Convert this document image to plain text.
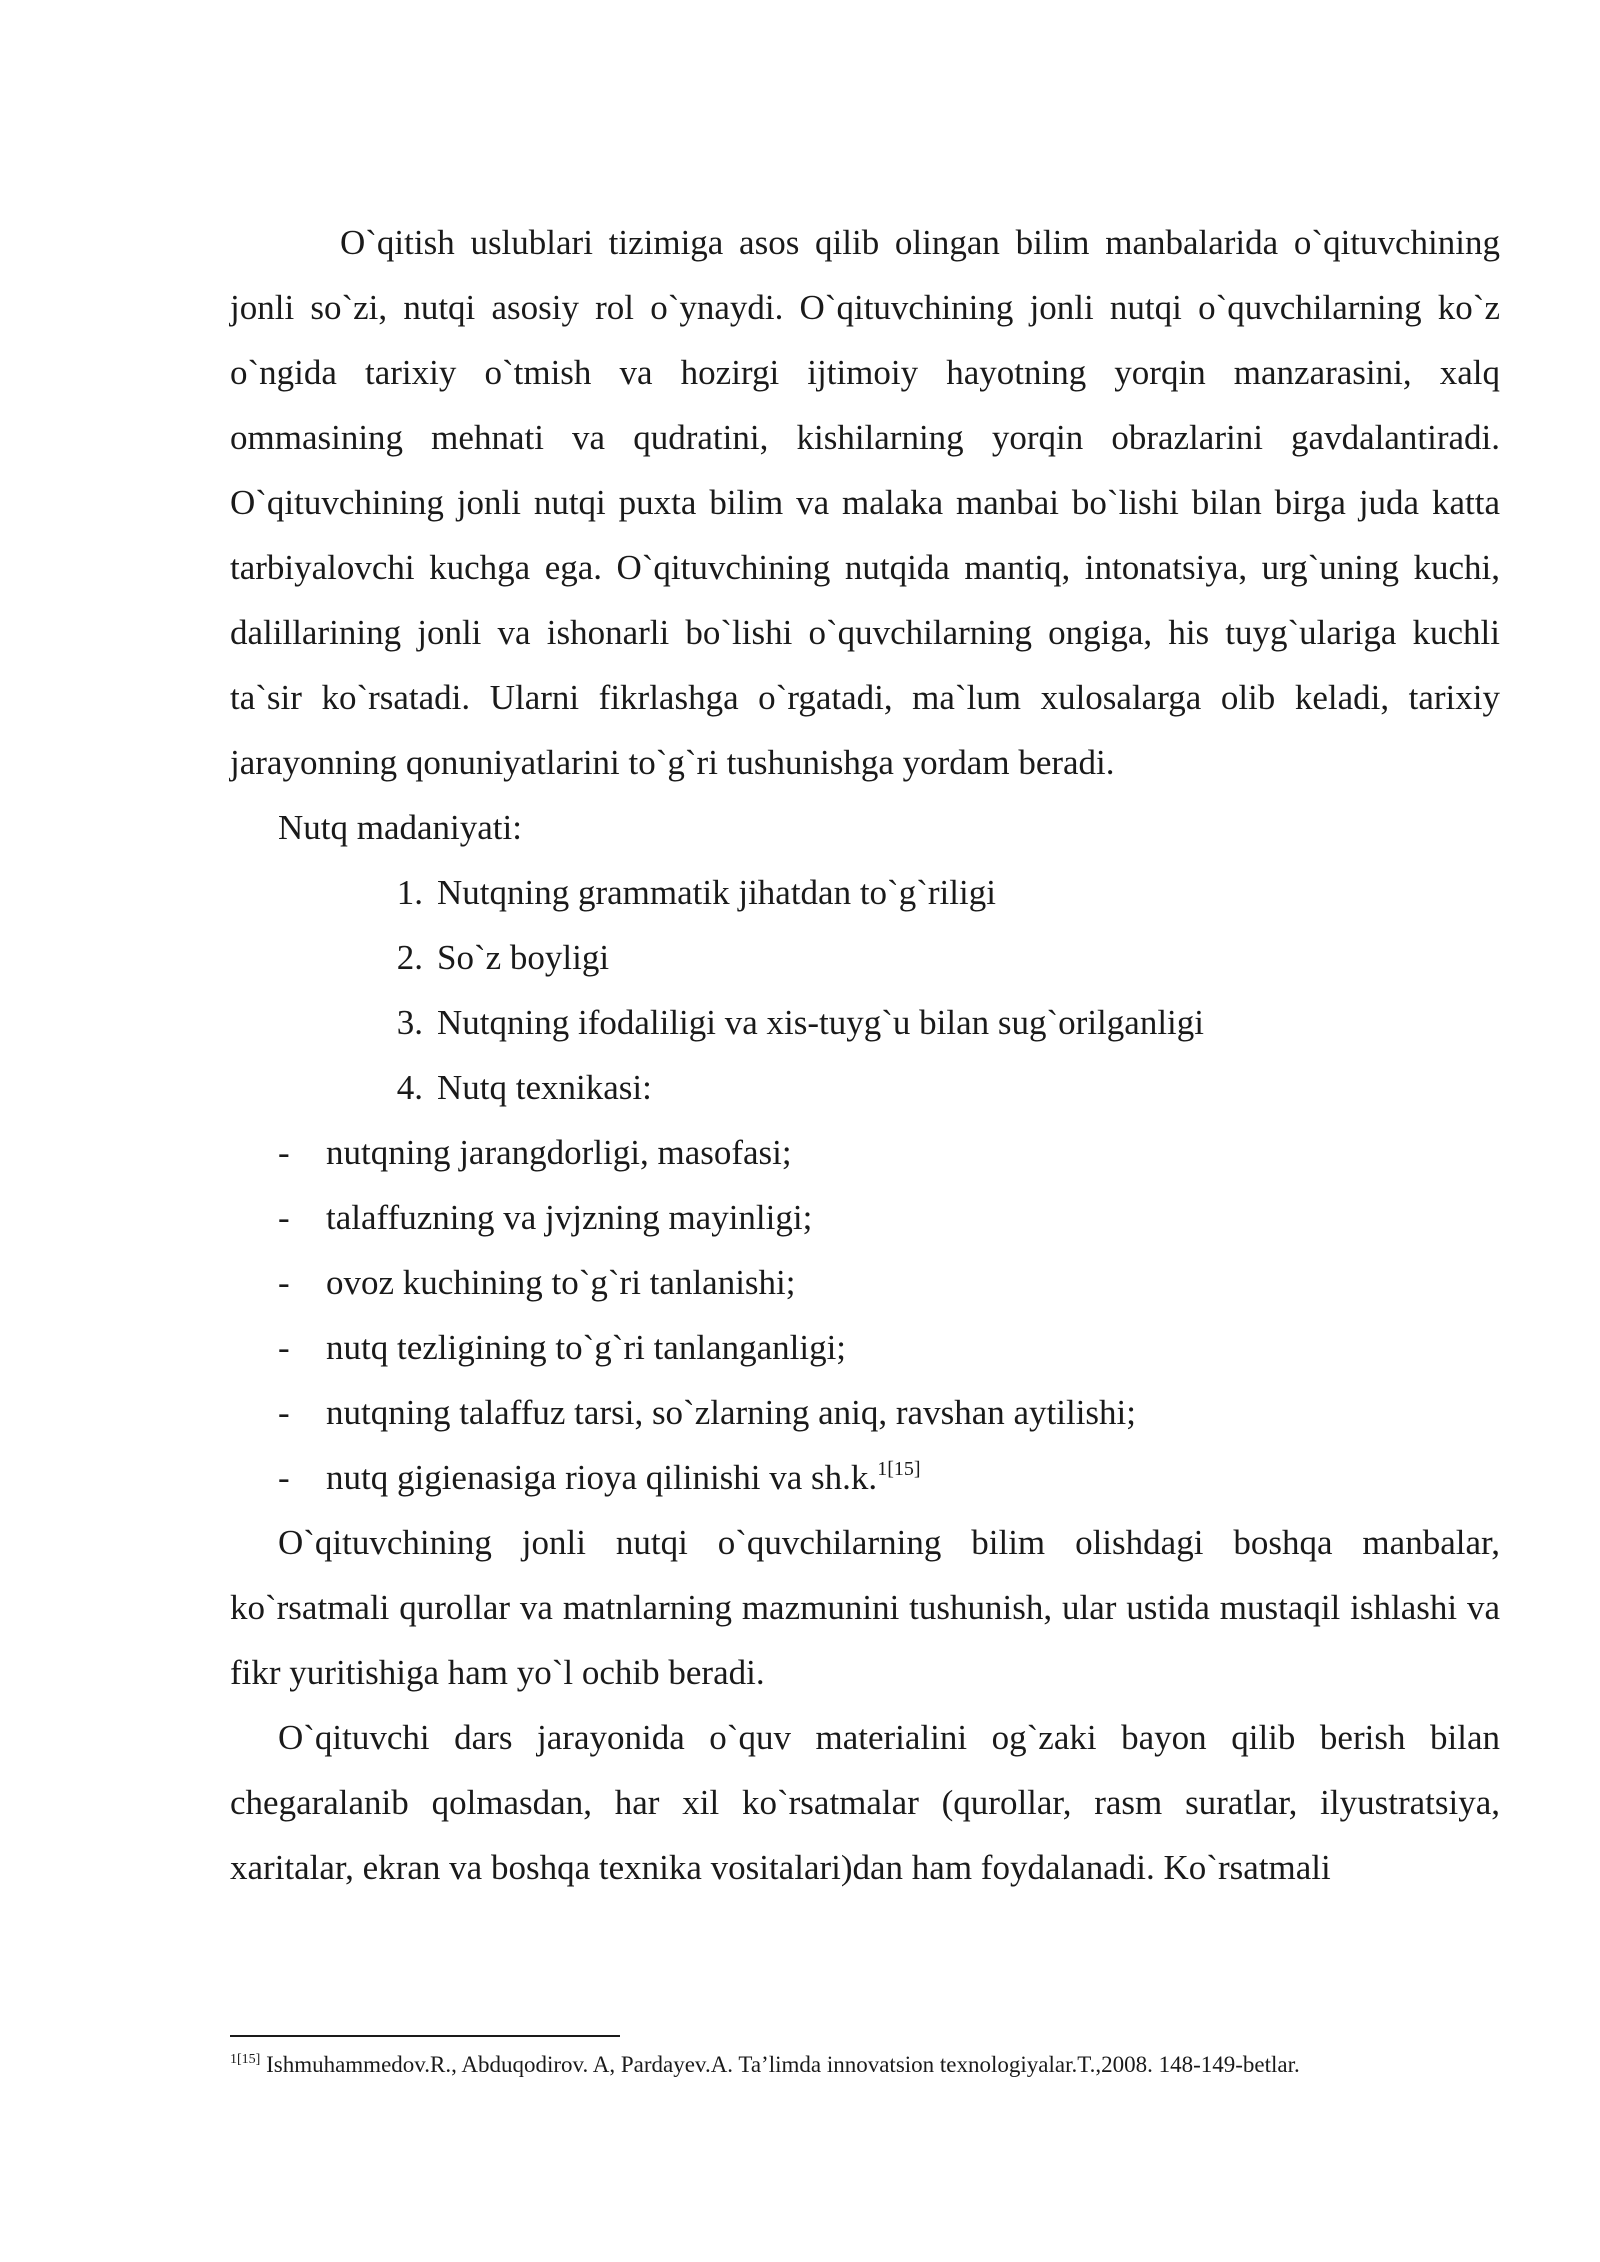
O`qitish uslublari tizimiga asos qilib olingan bilim manbalarida o`qituvchining jonli so`zi, nutqi asosiy rol o`ynaydi. O`qituvchining jonli nutqi o`quvchilarning ko`z o`ngida tarixiy o`tmish va hozirgi ijtimoiy hayotning yorqin manzarasini, xalq ommasining mehnati va qudratini, kishilarning yorqin obrazlarini gavdalantiradi. O`qituvchining jonli nutqi puxta bilim va malaka manbai bo`lishi bilan birga juda katta tarbiyalovchi kuchga ega. O`qituvchining nutqida mantiq, intonatsiya, urg`uning kuchi, dalillarining jonli va ishonarli bo`lishi o`quvchilarning ongiga, his tuyg`ulariga kuchli ta`sir ko`rsatadi. Ularni fikrlashga o`rgatadi, ma`lum xulosalarga olib keladi, tarixiy jarayonning qonuniyatlarini to`g`ri tushunishga yordam beradi.

Nutq madaniyati:

1. Nutqning grammatik jihatdan to`g`riligi
2. So`z boyligi
3. Nutqning ifodaliligi va xis-tuyg`u bilan sug`orilganligi
4. Nutq texnikasi:
- nutqning jarangdorligi, masofasi;
- talaffuzning va jvjzning mayinligi;
- ovoz kuchining to`g`ri tanlanishi;
- nutq tezligining to`g`ri tanlanganligi;
- nutqning talaffuz tarsi, so`zlarning aniq, ravshan aytilishi;
- nutq gigienasiga rioya qilinishi va sh.k.$^{1[15]}$

O`qituvchining jonli nutqi o`quvchilarning bilim olishdagi boshqa manbalar, ko`rsatmali qurollar va matnlarning mazmunini tushunish, ular ustida mustaqil ishlashi va fikr yuritishiga ham yo`l ochib beradi.

O`qituvchi dars jarayonida o`quv materialini og`zaki bayon qilib berish bilan chegaralanib qolmasdan, har xil ko`rsatmalar (qurollar, rasm suratlar, ilyustratsiya, xaritalar, ekran va boshqa texnika vositalari)dan ham foydalanadi. Ko`rsatmali

$^{1[15]}$ Ishmuhammedov.R., Abduqodirov. A, Pardayev.A. Ta’limda innovatsion texnologiyalar.T.,2008. 148-149-betlar.
